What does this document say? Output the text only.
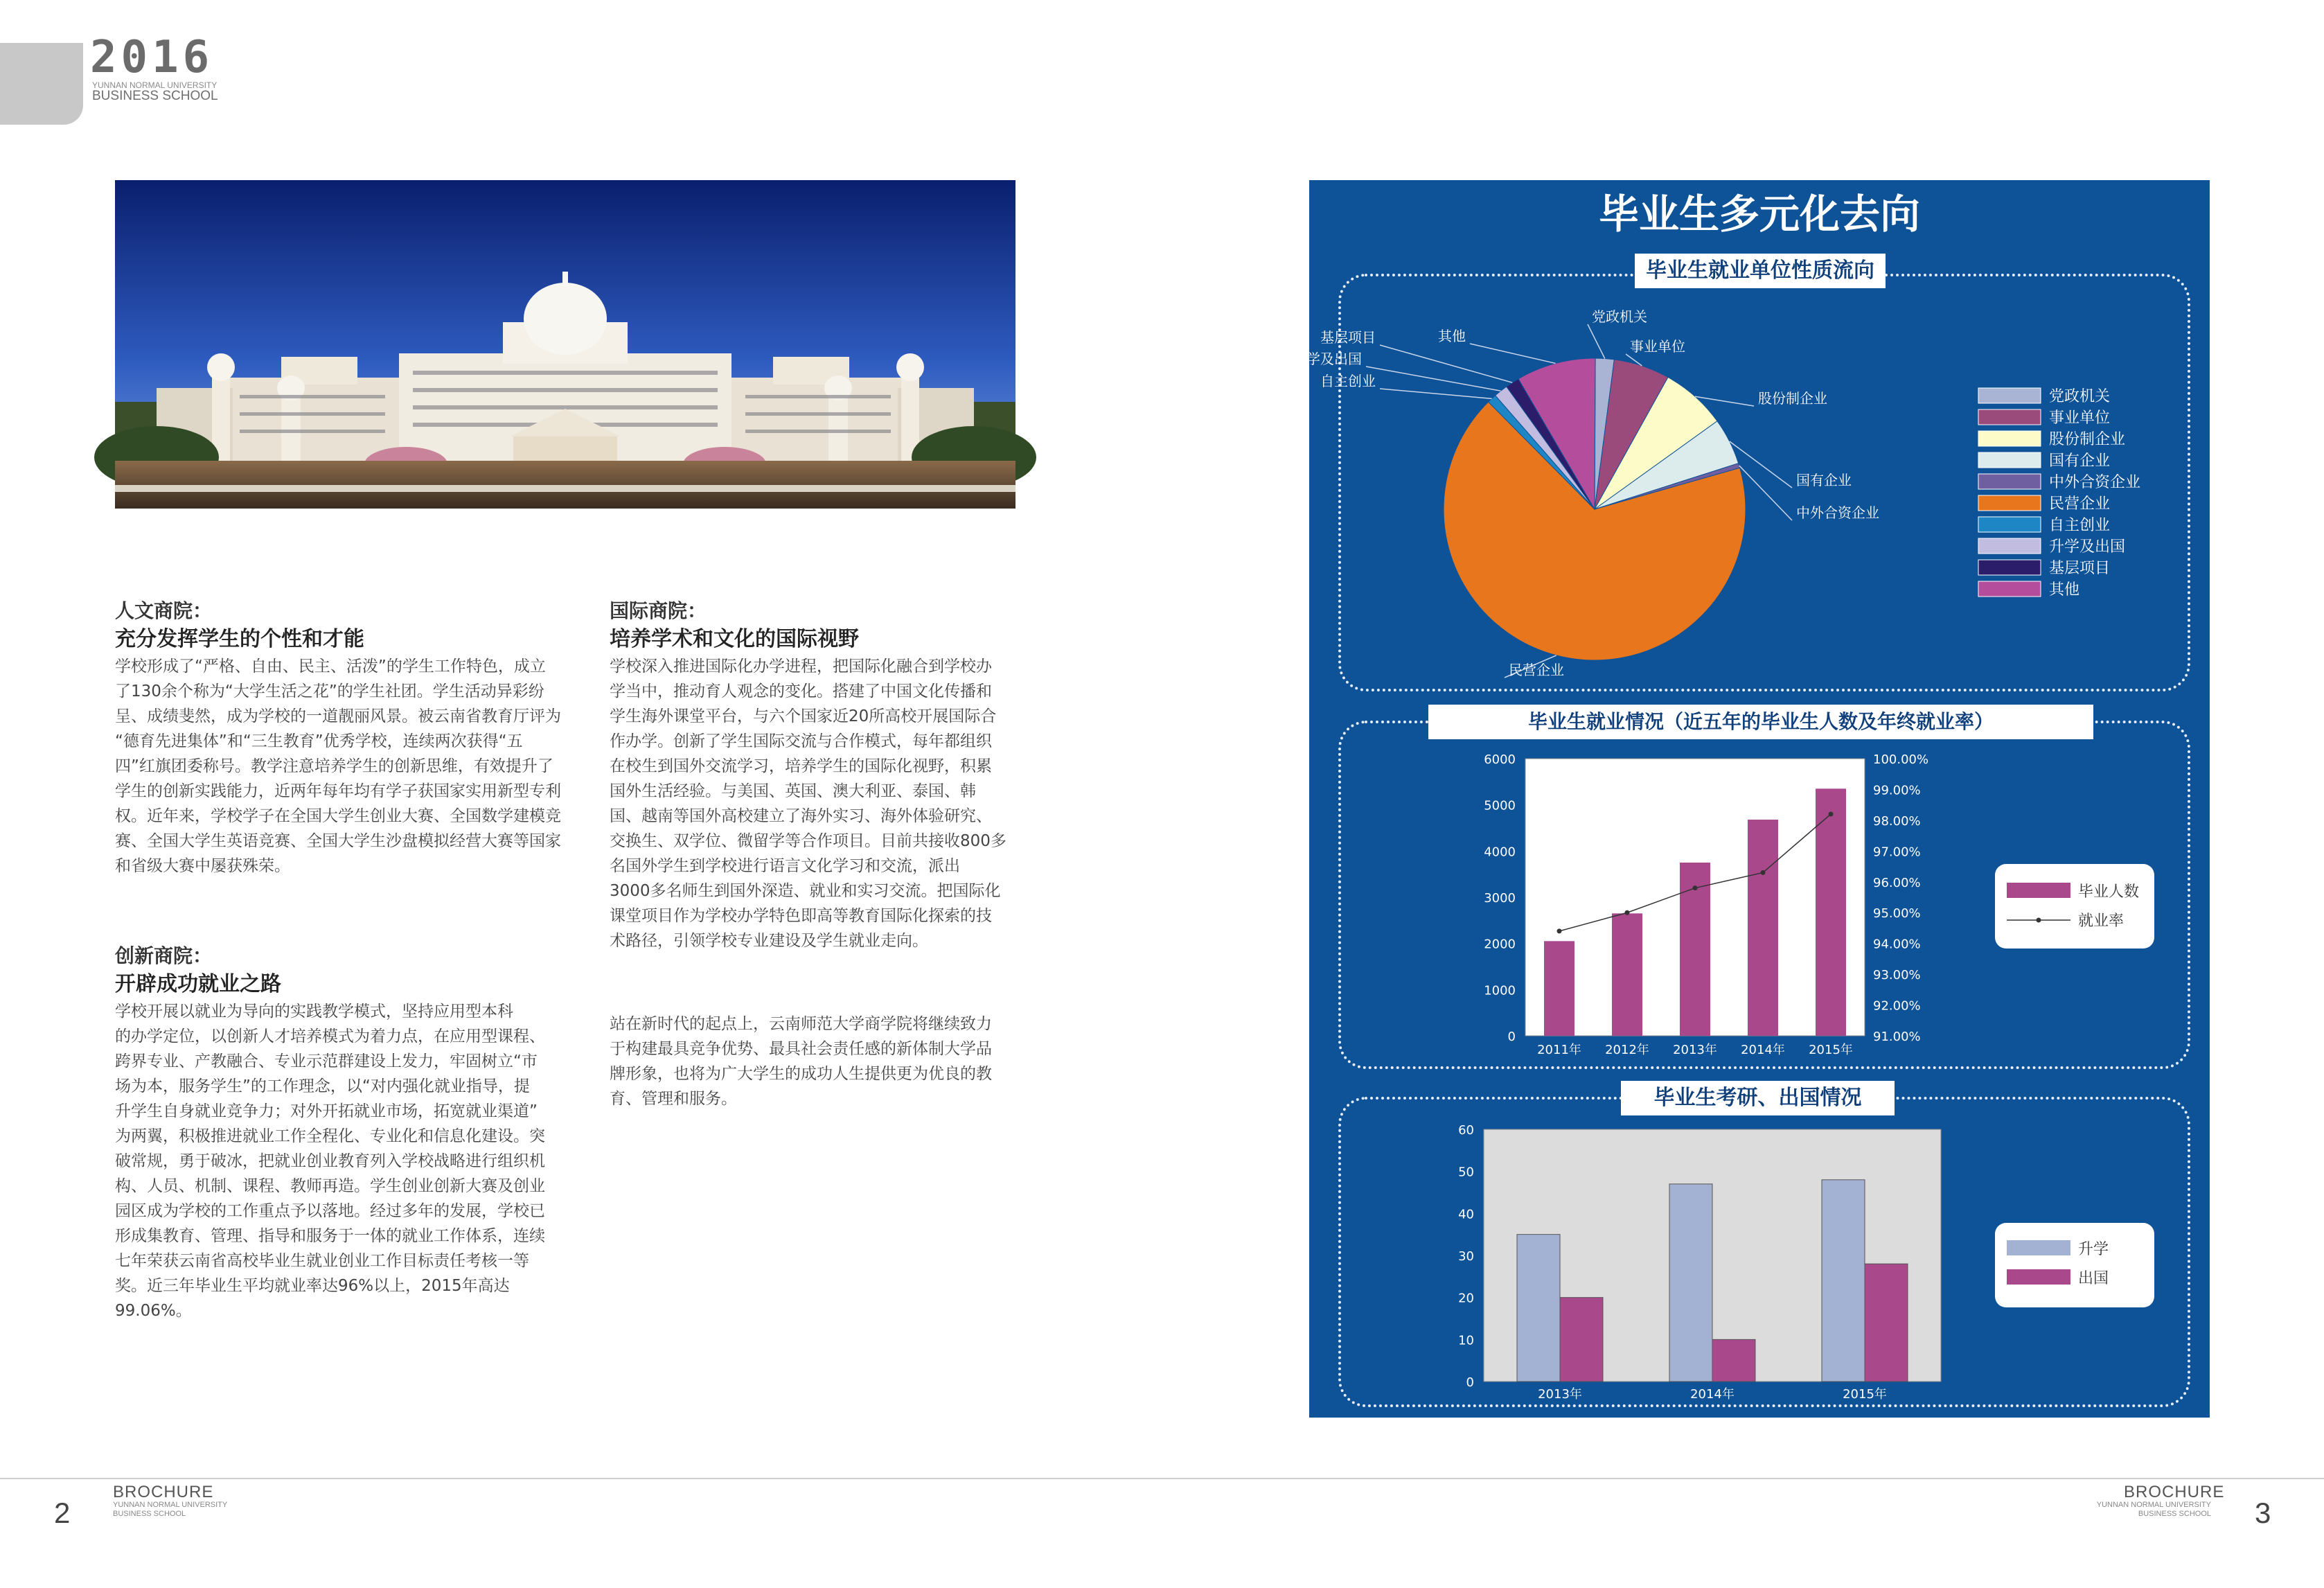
2016
YUNNAN NORMAL UNIVERSITY
BUSINESS SCHOOL
人文商院：
充分发挥学生的个性和才能
学校形成了“严格、自由、民主、活泼”的学生工作特色，成立
了130余个称为“大学生活之花”的学生社团。学生活动异彩纷
呈、成绩斐然，成为学校的一道靓丽风景。被云南省教育厅评为
“德育先进集体”和“三生教育”优秀学校，连续两次获得“五
四”红旗团委称号。教学注意培养学生的创新思维，有效提升了
学生的创新实践能力，近两年每年均有学子获国家实用新型专利
权。近年来，学校学子在全国大学生创业大赛、全国数学建模竞
赛、全国大学生英语竞赛、全国大学生沙盘模拟经营大赛等国家
和省级大赛中屡获殊荣。
创新商院：
开辟成功就业之路
学校开展以就业为导向的实践教学模式，坚持应用型本科
的办学定位，以创新人才培养模式为着力点，在应用型课程、
跨界专业、产教融合、专业示范群建设上发力，牢固树立“市
场为本，服务学生”的工作理念，以“对内强化就业指导，提
升学生自身就业竞争力；对外开拓就业市场，拓宽就业渠道”
为两翼，积极推进就业工作全程化、专业化和信息化建设。突
破常规，勇于破冰，把就业创业教育列入学校战略进行组织机
构、人员、机制、课程、教师再造。学生创业创新大赛及创业
园区成为学校的工作重点予以落地。经过多年的发展，学校已
形成集教育、管理、指导和服务于一体的就业工作体系，连续
七年荣获云南省高校毕业生就业创业工作目标责任考核一等
奖。近三年毕业生平均就业率达96%以上，2015年高达
99.06%。
国际商院：
培养学术和文化的国际视野
学校深入推进国际化办学进程，把国际化融合到学校办
学当中，推动育人观念的变化。搭建了中国文化传播和
学生海外课堂平台，与六个国家近20所高校开展国际合
作办学。创新了学生国际交流与合作模式，每年都组织
在校生到国外交流学习，培养学生的国际化视野，积累
国外生活经验。与美国、英国、澳大利亚、泰国、韩
国、越南等国外高校建立了海外实习、海外体验研究、
交换生、双学位、微留学等合作项目。目前共接收800多
名国外学生到学校进行语言文化学习和交流，派出
3000多名师生到国外深造、就业和实习交流。把国际化
课堂项目作为学校办学特色即高等教育国际化探索的技
术路径，引领学校专业建设及学生就业走向。
站在新时代的起点上，云南师范大学商学院将继续致力
于构建最具竞争优势、最具社会责任感的新体制大学品
牌形象，也将为广大学生的成功人生提供更为优良的教
育、管理和服务。
毕业生多元化去向
毕业生就业单位性质流向
党政机关
事业单位
股份制企业
国有企业
中外合资企业
民营企业
自主创业
升学及出国
基层项目	其他
党政机关
事业单位
股份制企业
国有企业
中外合资企业
民营企业
自主创业
升学及出国
基层项目
其他
毕业生就业情况（近五年的毕业生人数及年终就业率）
0
1000
2000
3000
4000
5000
6000
91.00%
92.00%
93.00%
94.00%
95.00%
96.00%
97.00%
98.00%
99.00%
100.00%
2011年 2012年 2013年 2014年 2015年
毕业人数
就业率
毕业生考研、出国情况
0
10
20
30
40
50
60
2013年	2014年	2015年
升学
出国
2
BROCHURE
YUNNAN NORMAL UNIVERSITY
BUSINESS SCHOOL
BROCHURE
YUNNAN NORMAL UNIVERSITY
BUSINESS SCHOOL 3
